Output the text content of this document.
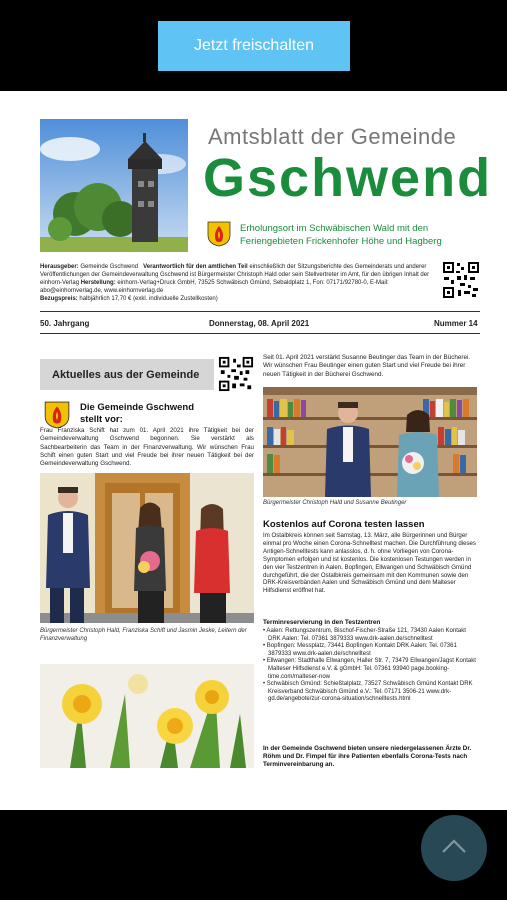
Jetzt freischalten
Amtsblatt der Gemeinde
Gschwend
Erholungsort im Schwäbischen Wald mit den Feriengebieten Frickenhofer Höhe und Hagberg
Herausgeber: Gemeinde Gschwend Verantwortlich für den amtlichen Teil einschließlich der Sitzungsberichte des Gemeinderats und anderer Veröffentlichungen der Gemeindeverwaltung Gschwend ist Bürgermeister Christoph Hald oder sein Stellvertreter im Amt, für den übrigen Inhalt der einhorn-Verlag Herstellung: einhorn-Verlag+Druck GmbH, 73525 Schwäbisch Gmünd, Sebaldplatz 1, Fon: 07171/92780-0, E-Mail: abo@einhornverlag.de, www.einhornverlag.de
Bezugspreis: halbjährlich 17,70 € (exkl. individuelle Zustellkosten)
50. Jahrgang	Donnerstag, 08. April 2021	Nummer 14
Aktuelles aus der Gemeinde
Die Gemeinde Gschwend
stellt vor:
Frau Franziska Schift hat zum 01. April 2021 ihre Tätigkeit bei der Gemeindeverwaltung Gschwend begonnen. Sie verstärkt als Sachbearbeiterin das Team in der Finanzverwaltung. Wir wünschen Frau Schift einen guten Start und viel Freude bei ihrer neuen Tätigkeit bei der Gemeindeverwaltung Gschwend.
Bürgermeister Christoph Hald, Franziska Schift und Jasmin Jeske, Leitern der Finanzverwaltung
Seit 01. April 2021 verstärkt Susanne Beutinger das Team in der Bücherei. Wir wünschen Frau Beutinger einen guten Start und viel Freude bei ihrer neuen Tätigkeit in der Bücherei Gschwend.
Bürgermeister Christoph Hald und Susanne Beutinger
Kostenlos auf Corona testen lassen
Im Ostalbkreis können seit Samstag, 13. März, alle Bürgerinnen und Bürger einmal pro Woche einen Corona-Schnelltest machen. Die Durchführung dieses Antigen-Schnelltests kann anlasslos, d. h. ohne Vorliegen von Corona-Symptomen erfolgen und ist kostenlos. Die kostenlosen Testungen werden in den vier Testzentren in Aalen, Bopfingen, Ellwangen und Schwäbisch Gmünd durchgeführt, die der Ostalbkreis gemeinsam mit den Kommunen sowie den DRK-Kreisverbänden Aalen und Schwäbisch Gmünd und dem Malteser Hilfsdienst eröffnet hat.
Terminreservierung in den Testzentren
• Aalen: Rettungszentrum, Bischof-Fischer-Straße 121, 73430 Aalen Kontakt DRK Aalen: Tel. 07361 3879333 www.drk-aalen.de/schnelltest
• Bopfingen: Messplatz, 73441 Bopfingen Kontakt DRK Aalen: Tel. 07361 3879333 www.drk-aalen.de/schnelltest
• Ellwangen: Stadthalle Ellwangen, Haller Str. 7, 73479 Ellwangen/Jagst Kontakt Malteser Hilfsdienst e.V. & gGmbH: Tel. 07361 93940 page.booking-time.com/malteser-now
• Schwäbisch Gmünd: Schießtalplatz, 73527 Schwäbisch Gmünd Kontakt DRK Kreisverband Schwäbisch Gmünd e.V.: Tel. 07171 3506-21 www.drk-gd.de/angebote/zur-corona-situation/schnelltests.html
In der Gemeinde Gschwend bieten unsere niedergelassenen Ärzte Dr. Röhm und Dr. Fimpel für ihre Patienten ebenfalls Corona-Tests nach Terminvereinbarung an.
